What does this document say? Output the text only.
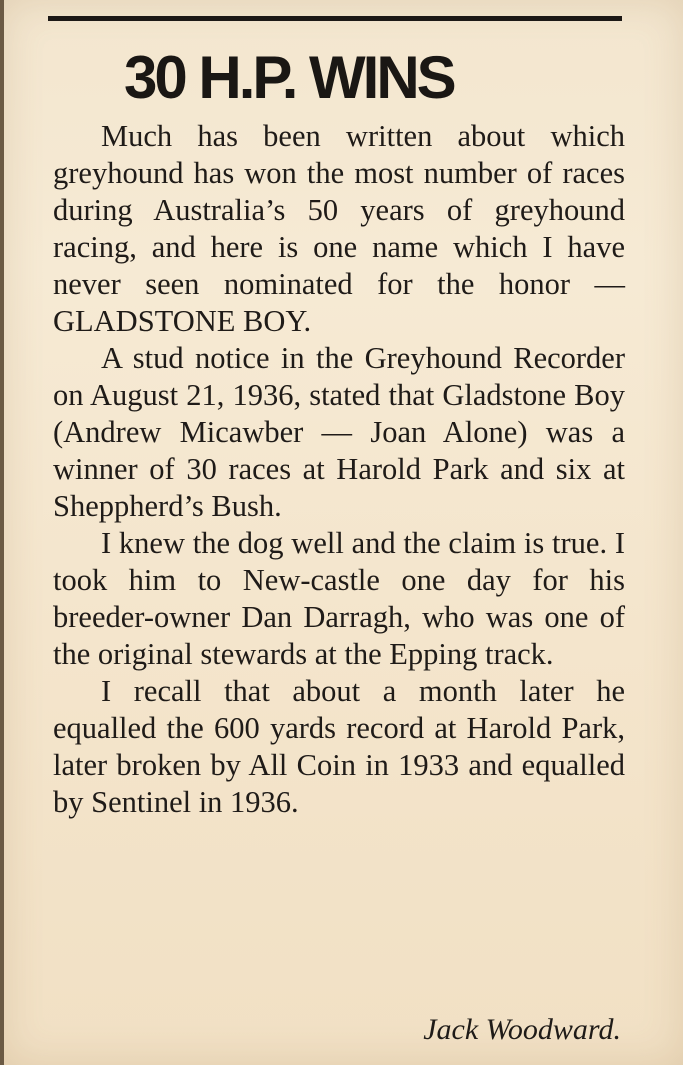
30 H.P. WINS

Much has been written about which greyhound has won the most number of races during Australia’s 50 years of greyhound racing, and here is one name which I have never seen nominated for the honor — GLADSTONE BOY.

A stud notice in the Greyhound Recorder on August 21, 1936, stated that Gladstone Boy (Andrew Micawber — Joan Alone) was a winner of 30 races at Harold Park and six at Sheppherd’s Bush.

I knew the dog well and the claim is true. I took him to New-castle one day for his breeder-owner Dan Darragh, who was one of the original stewards at the Epping track.

I recall that about a month later he equalled the 600 yards record at Harold Park, later broken by All Coin in 1933 and equalled by Sentinel in 1936.

Jack Woodward.
